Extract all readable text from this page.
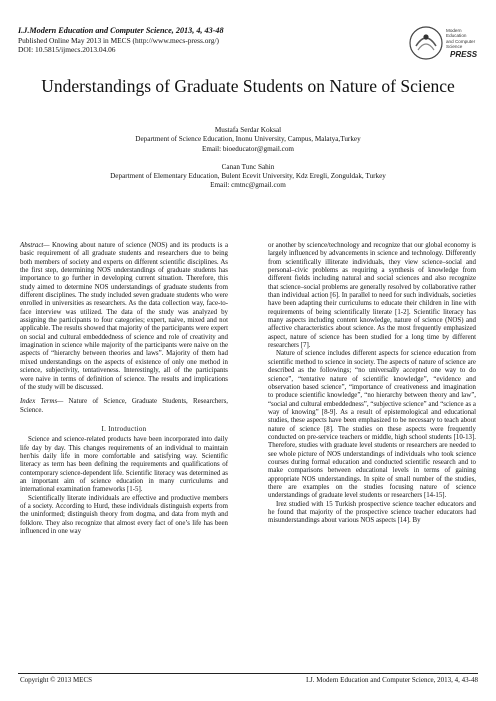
I.J.Modern Education and Computer Science, 2013, 4, 43-48
Published Online May 2013 in MECS (http://www.mecs-press.org/)
DOI: 10.5815/ijmecs.2013.04.06
Modern Education
and Computer
Science
PRESS
Understandings of Graduate Students on Nature of Science
Mustafa Serdar Koksal
Department of Science Education, Inonu University, Campus, Malatya,Turkey
Email: bioeducator@gmail.com
Canan Tunc Sahin
Department of Elementary Education, Bulent Ecevit University, Kdz Eregli, Zonguldak, Turkey
Email: cmtnc@gmail.com

Abstract— Knowing about nature of science (NOS) and its products is a basic requirement of all graduate students and researchers due to being both members of society and experts on different scientific disciplines. As the first step, determining NOS understandings of graduate students has importance to go further in developing current situation. Therefore, this study aimed to determine NOS understandings of graduate students from different disciplines. The study included seven graduate students who were enrolled in universities as researchers. As the data collection way, face-to-face interview was utilized. The data of the study was analyzed by assigning the participants to four categories; expert, naive, mixed and not applicable. The results showed that majority of the participants were expert on social and cultural embeddedness of science and role of creativity and imagination in science while majority of the participants were naive on the aspects of “hierarchy between theories and laws”. Majority of them had mixed understandings on the aspects of existence of only one method in science, subjectivity, tentativeness. Interestingly, all of the participants were naive in terms of definition of science. The results and implications of the study will be discussed.

Index Terms— Nature of Science, Graduate Students, Researchers, Science.

I. Introduction

Science and science-related products have been incorporated into daily life day by day. This changes requirements of an individual to maintain her/his daily life in more comfortable and satisfying way. Scientific literacy as term has been defining the requirements and qualifications of contemporary science-dependent life. Scientific literacy was determined as an important aim of science education in many curriculums and international examination frameworks [1-5].

Scientifically literate individuals are effective and productive members of a society. According to Hurd, these individuals distinguish experts from the uninformed; distinguish theory from dogma, and data from myth and folklore. They also recognize that almost every fact of one’s life has been influenced in one way

or another by science/technology and recognize that our global economy is largely influenced by advancements in science and technology. Differently from scientifically illiterate individuals, they view science–social and personal–civic problems as requiring a synthesis of knowledge from different fields including natural and social sciences and also recognize that science–social problems are generally resolved by collaborative rather than individual action [6]. In parallel to need for such individuals, societies have been adapting their curriculums to educate their children in line with requirements of being scientifically literate [1-2]. Scientific literacy has many aspects including content knowledge, nature of science (NOS) and affective characteristics about science. As the most frequently emphasized aspect, nature of science has been studied for a long time by different researchers [7].

Nature of science includes different aspects for science education from scientific method to science in society. The aspects of nature of science are described as the followings; “no universally accepted one way to do science”, “tentative nature of scientific knowledge”, “evidence and observation based science”, “importance of creativeness and imagination to produce scientific knowledge”, “no hierarchy between theory and law”, “social and cultural embeddedness”, “subjective science” and “science as a way of knowing” [8-9]. As a result of epistemological and educational studies, these aspects have been emphasized to be necessary to teach about nature of science [8]. The studies on these aspects were frequently conducted on pre-service teachers or middle, high school students [10-13]. Therefore, studies with graduate level students or researchers are needed to see whole picture of NOS understandings of individuals who took science courses during formal education and conducted scientific research and to make comparisons between educational levels in terms of gaining appropriate NOS understandings. In spite of small number of the studies, there are examples on the studies focusing nature of science understandings of graduate level students or researchers [14-15].

Irez studied with 15 Turkish prospective science teacher educators and he found that majority of the prospective science teacher educators had misunderstandings about various NOS aspects [14]. By

Copyright © 2013 MECS	I.J. Modern Education and Computer Science, 2013, 4, 43-48
